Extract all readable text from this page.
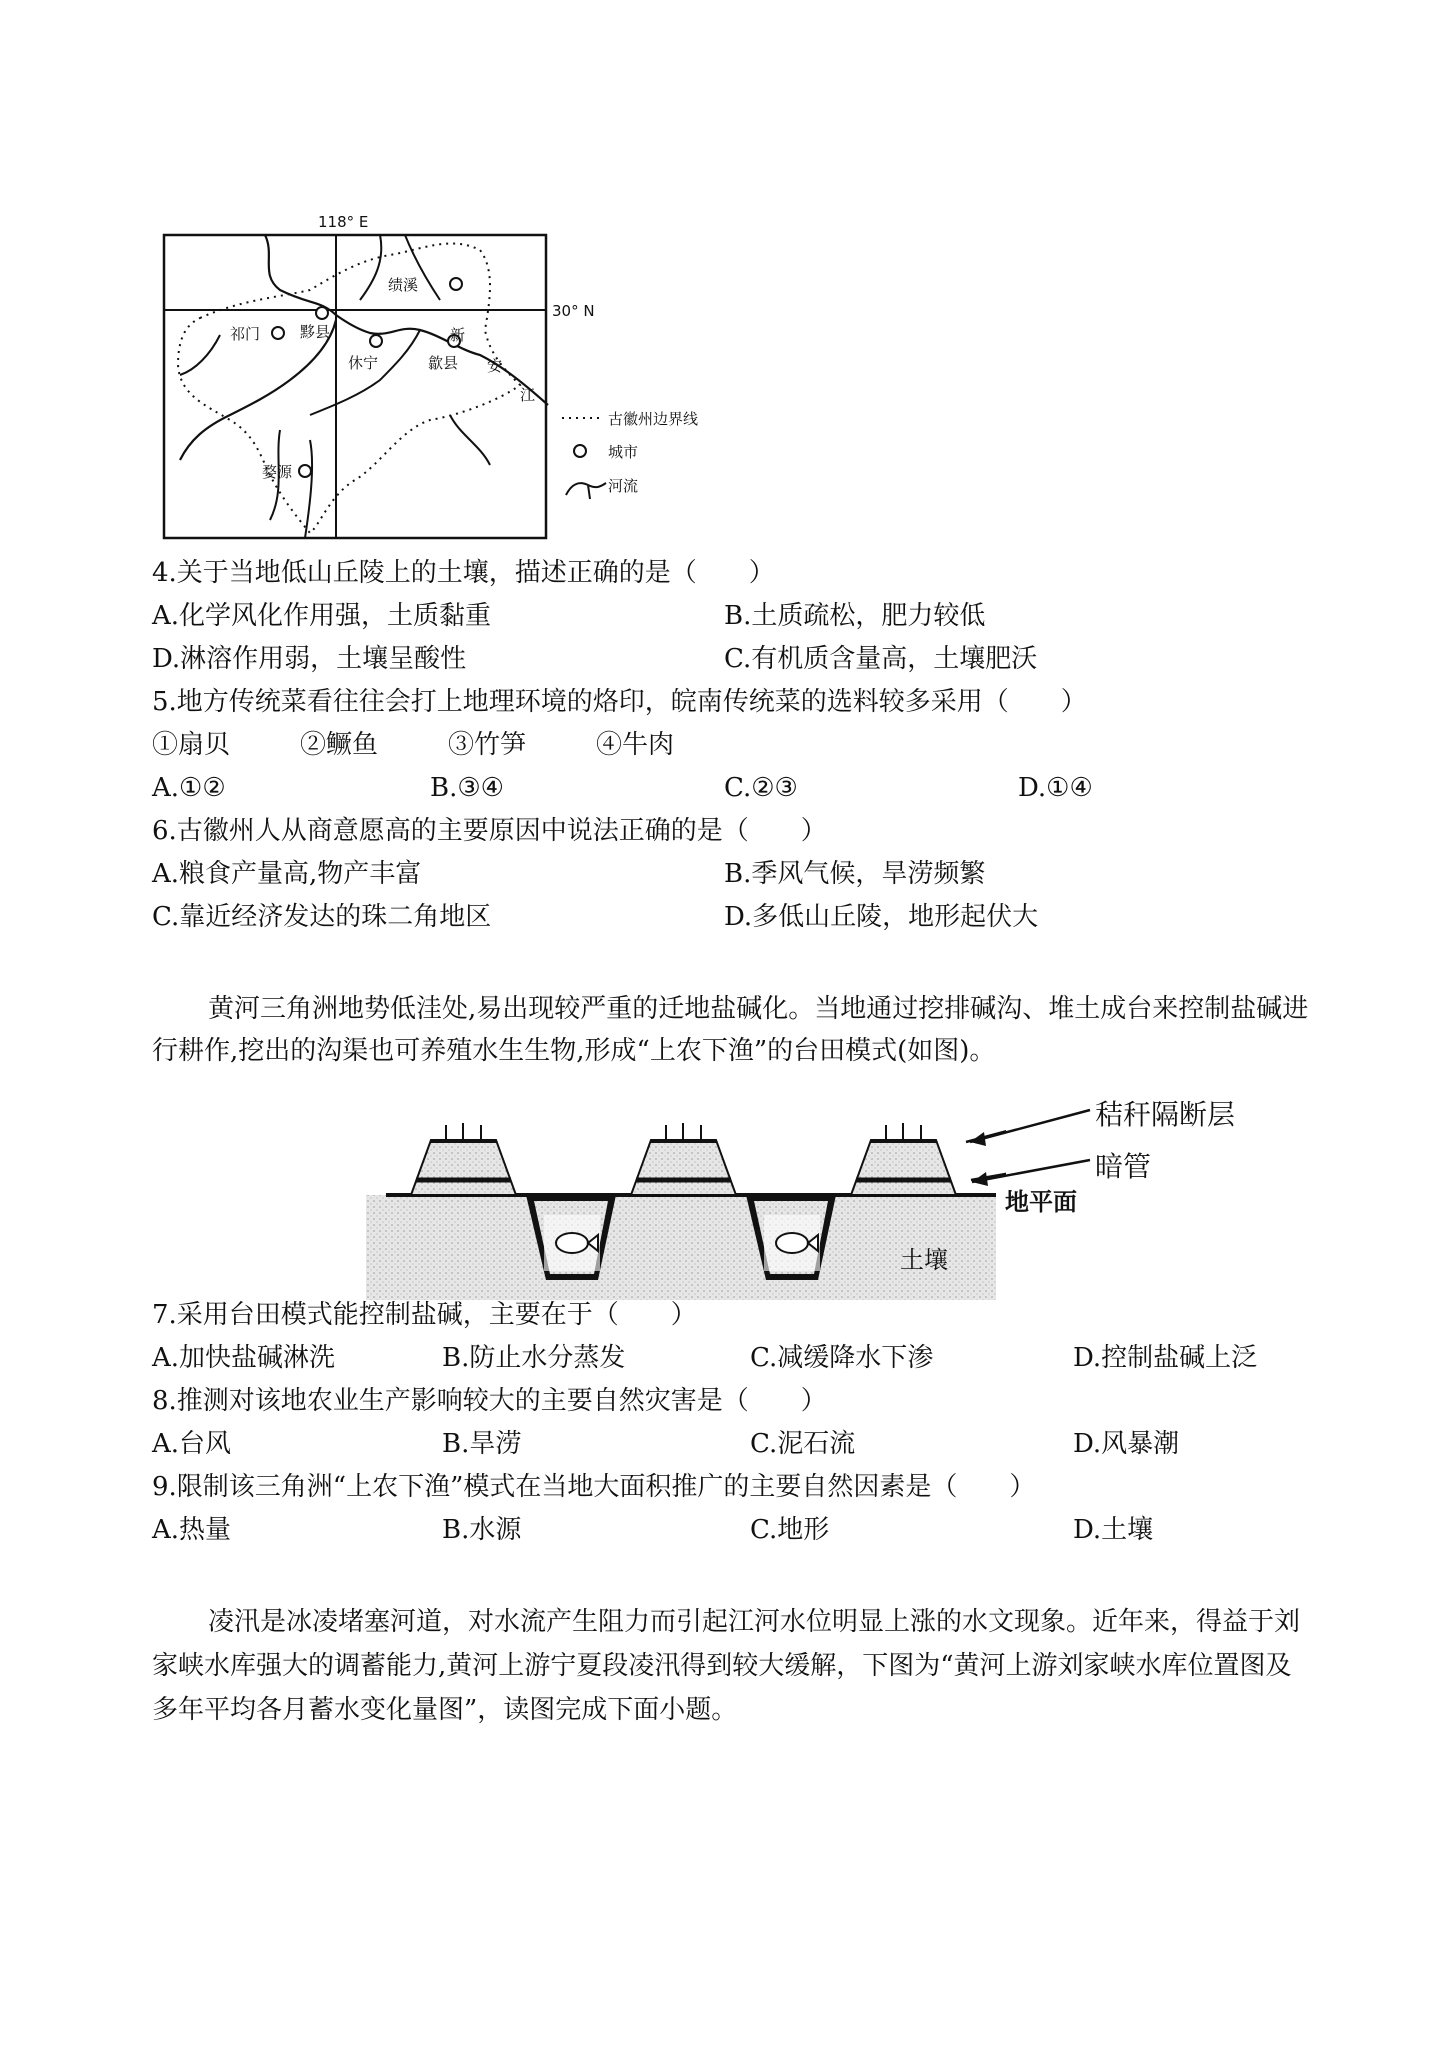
118° E
30° N
绩溪
祁门	黟县
休宁	歙县
婺源
新
安
江
古徽州边界线
城市
河流
4.关于当地低山丘陵上的土壤，描述正确的是（　　）
A.化学风化作用强，土质黏重	B.土质疏松，肥力较低
D.淋溶作用弱，土壤呈酸性	C.有机质含量高，土壤肥沃
5.地方传统菜看往往会打上地理环境的烙印，皖南传统菜的选料较多采用（　　）
①扇贝	②鳜鱼	③竹笋	④牛肉
A.①②	B.③④	C.②③	D.①④
6.古徽州人从商意愿高的主要原因中说法正确的是（　　）
A.粮食产量高,物产丰富	B.季风气候，旱涝频繁
C.靠近经济发达的珠二角地区	D.多低山丘陵，地形起伏大
黄河三角洲地势低洼处,易出现较严重的迁地盐碱化。当地通过挖排碱沟、堆土成台来控制盐碱进行耕作,挖出的沟渠也可养殖水生生物,形成“上农下渔”的台田模式(如图)。
秸秆隔断层
暗管
地平面
土壤
7.采用台田模式能控制盐碱，主要在于（　　）
A.加快盐碱淋洗	B.防止水分蒸发	C.减缓降水下渗	D.控制盐碱上泛
8.推测对该地农业生产影响较大的主要自然灾害是（　　）
A.台风	B.旱涝	C.泥石流	D.风暴潮
9.限制该三角洲“上农下渔”模式在当地大面积推广的主要自然因素是（　　）
A.热量	B.水源	C.地形	D.土壤
凌汛是冰凌堵塞河道，对水流产生阻力而引起江河水位明显上涨的水文现象。近年来，得益于刘家峡水库强大的调蓄能力,黄河上游宁夏段凌汛得到较大缓解，下图为“黄河上游刘家峡水库位置图及多年平均各月蓄水变化量图”，读图完成下面小题。
